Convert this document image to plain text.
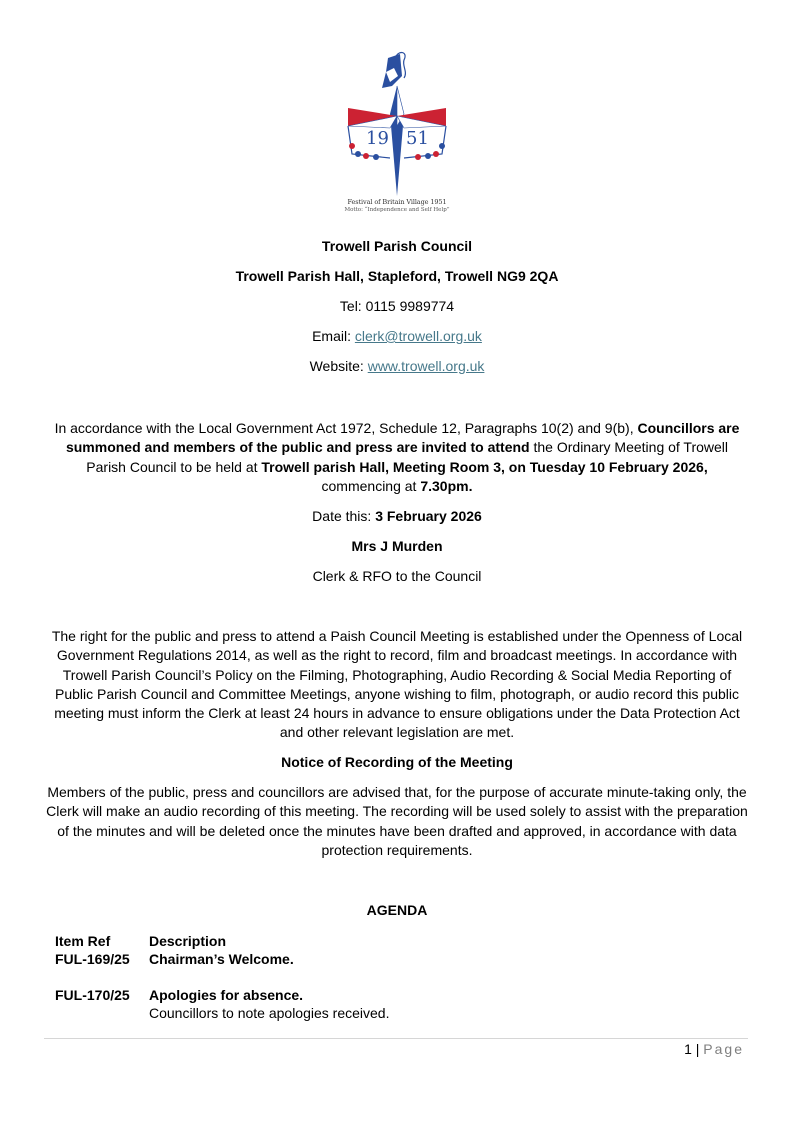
19 51
Festival of Britain Village 1951
Motto: “Independence and Self Help”
Trowell Parish Council
Trowell Parish Hall, Stapleford, Trowell NG9 2QA
Tel: 0115 9989774
Email: clerk@trowell.org.uk
Website: www.trowell.org.uk
In accordance with the Local Government Act 1972, Schedule 12, Paragraphs 10(2) and 9(b), Councillors are summoned and members of the public and press are invited to attend the Ordinary Meeting of Trowell Parish Council to be held at Trowell parish Hall, Meeting Room 3, on Tuesday 10 February 2026, commencing at 7.30pm.
Date this: 3 February 2026
Mrs J Murden
Clerk & RFO to the Council
The right for the public and press to attend a Paish Council Meeting is established under the Openness of Local Government Regulations 2014, as well as the right to record, film and broadcast meetings. In accordance with Trowell Parish Council’s Policy on the Filming, Photographing, Audio Recording & Social Media Reporting of Public Parish Council and Committee Meetings, anyone wishing to film, photograph, or audio record this public meeting must inform the Clerk at least 24 hours in advance to ensure obligations under the Data Protection Act and other relevant legislation are met.
Notice of Recording of the Meeting
Members of the public, press and councillors are advised that, for the purpose of accurate minute-taking only, the Clerk will make an audio recording of this meeting. The recording will be used solely to assist with the preparation of the minutes and will be deleted once the minutes have been drafted and approved, in accordance with data protection requirements.
AGENDA
Item Ref	Description
FUL-169/25 Chairman’s Welcome.
FUL-170/25 Apologies for absence.
Councillors to note apologies received.
1 | Page
